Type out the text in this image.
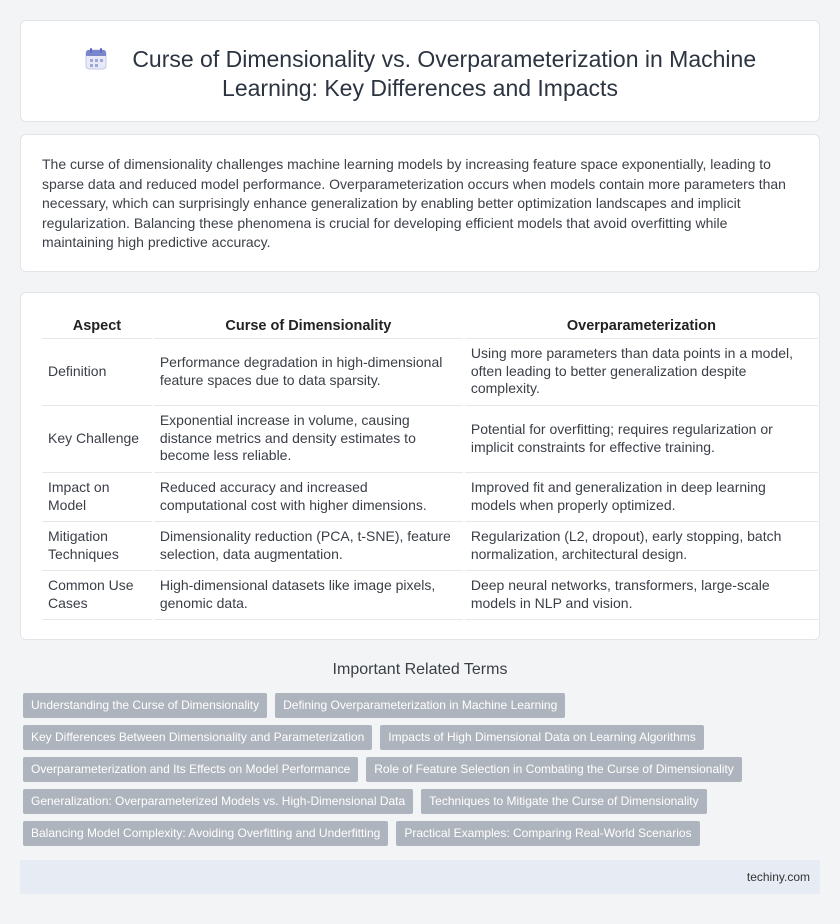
Curse of Dimensionality vs. Overparameterization in Machine Learning: Key Differences and Impacts

The curse of dimensionality challenges machine learning models by increasing feature space exponentially, leading to sparse data and reduced model performance. Overparameterization occurs when models contain more parameters than necessary, which can surprisingly enhance generalization by enabling better optimization landscapes and implicit regularization. Balancing these phenomena is crucial for developing efficient models that avoid overfitting while maintaining high predictive accuracy.

Aspect	Curse of Dimensionality	Overparameterization
Definition	Performance degradation in high-dimensional feature spaces due to data sparsity.	Using more parameters than data points in a model, often leading to better generalization despite complexity.
Key Challenge	Exponential increase in volume, causing distance metrics and density estimates to become less reliable.	Potential for overfitting; requires regularization or implicit constraints for effective training.
Impact on Model	Reduced accuracy and increased computational cost with higher dimensions.	Improved fit and generalization in deep learning models when properly optimized.
Mitigation Techniques	Dimensionality reduction (PCA, t-SNE), feature selection, data augmentation.	Regularization (L2, dropout), early stopping, batch normalization, architectural design.
Common Use Cases	High-dimensional datasets like image pixels, genomic data.	Deep neural networks, transformers, large-scale models in NLP and vision.
Important Related Terms
Understanding the Curse of Dimensionality	Defining Overparameterization in Machine Learning
Key Differences Between Dimensionality and Parameterization	Impacts of High Dimensional Data on Learning Algorithms
Overparameterization and Its Effects on Model Performance	Role of Feature Selection in Combating the Curse of Dimensionality
Generalization: Overparameterized Models vs. High-Dimensional Data	Techniques to Mitigate the Curse of Dimensionality
Balancing Model Complexity: Avoiding Overfitting and Underfitting	Practical Examples: Comparing Real-World Scenarios
techiny.com
